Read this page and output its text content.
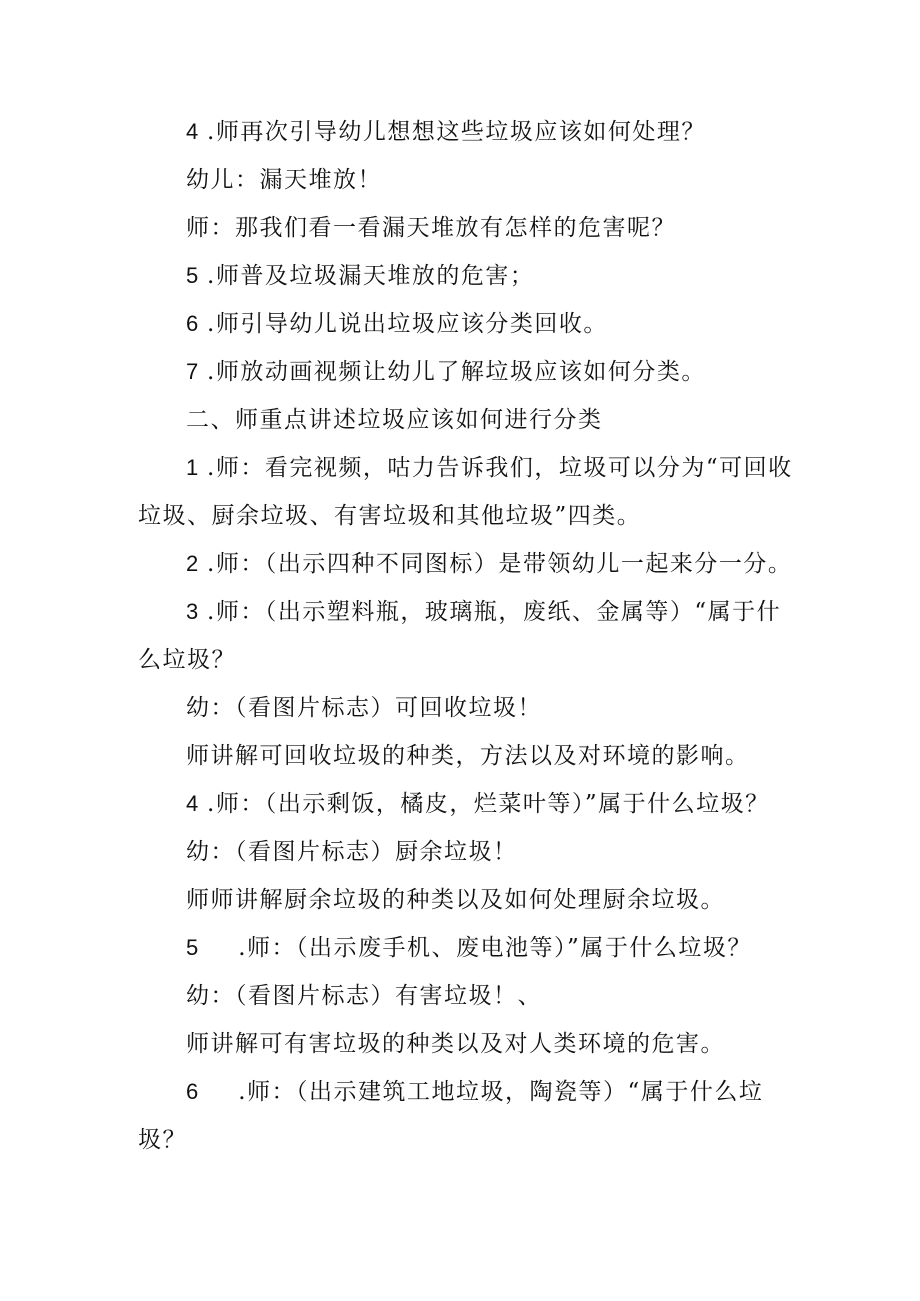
4 .师再次引导幼儿想想这些垃圾应该如何处理？
幼儿：漏天堆放！
师：那我们看一看漏天堆放有怎样的危害呢？
5 .师普及垃圾漏天堆放的危害；
6 .师引导幼儿说出垃圾应该分类回收。
7 .师放动画视频让幼儿了解垃圾应该如何分类。
二、师重点讲述垃圾应该如何进行分类
1 .师：看完视频，咕力告诉我们，垃圾可以分为“可回收
垃圾、厨余垃圾、有害垃圾和其他垃圾”四类。
2 .师：（出示四种不同图标）是带领幼儿一起来分一分。
3 .师：（出示塑料瓶，玻璃瓶，废纸、金属等）“属于什
么垃圾？
幼：（看图片标志）可回收垃圾！
师讲解可回收垃圾的种类，方法以及对环境的影响。
4 .师：（出示剩饭，橘皮，烂菜叶等）”属于什么垃圾？
幼：（看图片标志）厨余垃圾！
师师讲解厨余垃圾的种类以及如何处理厨余垃圾。
5 .师：（出示废手机、废电池等）”属于什么垃圾？
幼：（看图片标志）有害垃圾！、
师讲解可有害垃圾的种类以及对人类环境的危害。
6 .师：（出示建筑工地垃圾，陶瓷等）“属于什么垃
圾？
